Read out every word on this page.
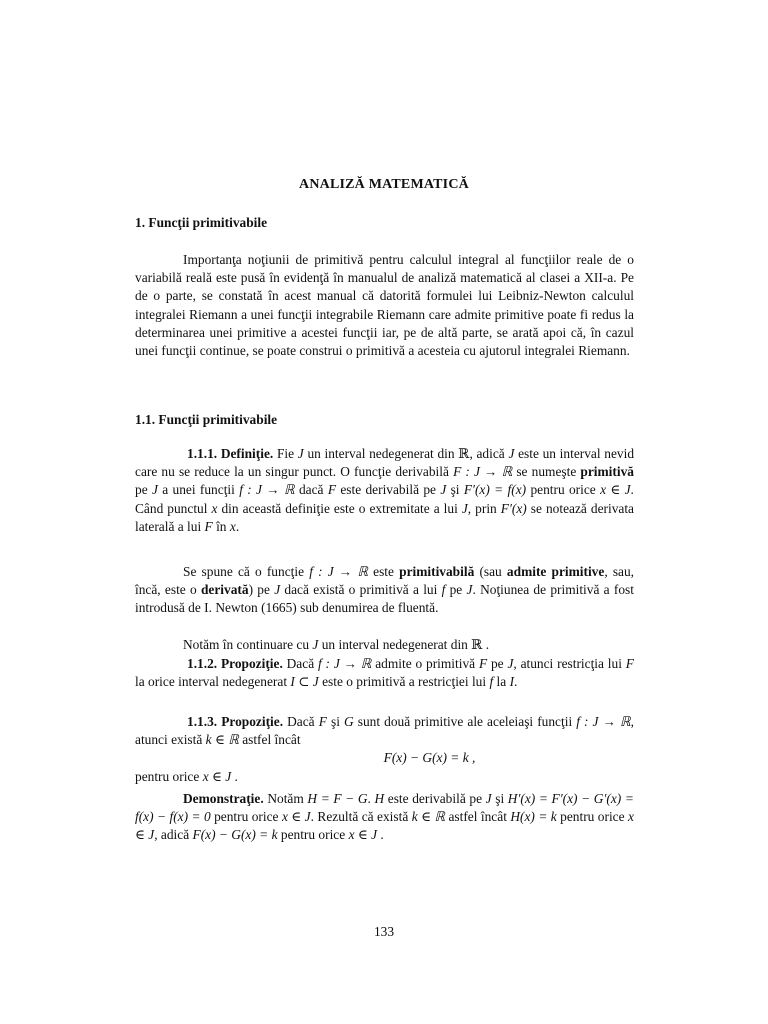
ANALIZĂ MATEMATICĂ
1. Funcţii primitivabile

Importanţa noţiunii de primitivă pentru calculul integral al funcţiilor reale de o variabilă reală este pusă în evidenţă în manualul de analiză matematică al clasei a XII-a. Pe de o parte, se constată în acest manual că datorită formulei lui Leibniz-Newton calculul integralei Riemann a unei funcţii integrabile Riemann care admite primitive poate fi redus la determinarea unei primitive a acestei funcţii iar, pe de altă parte, se arată apoi că, în cazul unei funcţii continue, se poate construi o primitivă a acesteia cu ajutorul integralei Riemann.

1.1. Funcţii primitivabile

1.1.1. Definiţie. Fie J un interval nedegenerat din ℝ, adică J este un interval nevid care nu se reduce la un singur punct. O funcţie derivabilă F : J → ℝ se numeşte primitivă pe J a unei funcţii f : J → ℝ dacă F este derivabilă pe J şi F′(x) = f(x) pentru orice x ∈ J. Când punctul x din această definiţie este o extremitate a lui J, prin F′(x) se notează derivata laterală a lui F în x.

Se spune că o funcţie f : J → ℝ este primitivabilă (sau admite primitive, sau, încă, este o derivată) pe J dacă există o primitivă a lui f pe J. Noţiunea de primitivă a fost introdusă de I. Newton (1665) sub denumirea de fluentă.

Notăm în continuare cu J un interval nedegenerat din ℝ .

1.1.2. Propoziţie. Dacă f : J → ℝ admite o primitivă F pe J, atunci restricţia lui F la orice interval nedegenerat I ⊂ J este o primitivă a restricţiei lui f la I.

1.1.3. Propoziţie. Dacă F şi G sunt două primitive ale aceleiaşi funcţii f : J → ℝ, atunci există k ∈ ℝ astfel încât

F(x) − G(x) = k ,

pentru orice x ∈ J .

Demonstraţie. Notăm H = F − G. H este derivabilă pe J şi H′(x) = F′(x) − G′(x) = f(x) − f(x) = 0 pentru orice x ∈ J. Rezultă că există k ∈ ℝ astfel încât H(x) = k pentru orice x ∈ J, adică F(x) − G(x) = k pentru orice x ∈ J .

133
